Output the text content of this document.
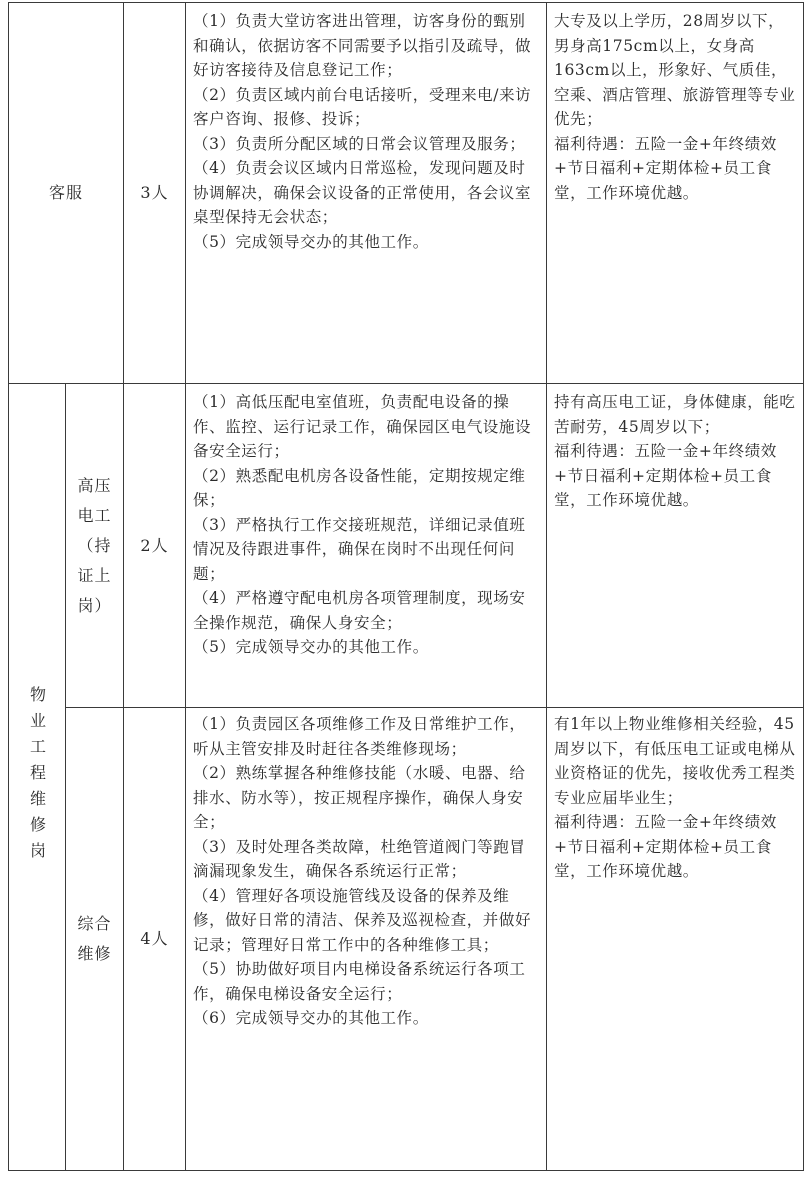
客服	3人

（1）负责大堂访客进出管理，访客身份的甄别和确认，依据访客不同需要予以指引及疏导，做好访客接待及信息登记工作；

（2）负责区域内前台电话接听，受理来电/来访客户咨询、报修、投诉；

（3）负责所分配区域的日常会议管理及服务；

（4）负责会议区域内日常巡检，发现问题及时协调解决，确保会议设备的正常使用，各会议室桌型保持无会状态；

（5）完成领导交办的其他工作。

大专及以上学历，28周岁以下，男身高175cm以上，女身高163cm以上，形象好、气质佳，空乘、酒店管理、旅游管理等专业优先；

福利待遇：五险一金+年终绩效+节日福利+定期体检+员工食堂，工作环境优越。

物业工程维修岗
高压电工（持证上岗）
2人

（1）高低压配电室值班，负责配电设备的操作、监控、运行记录工作，确保园区电气设施设备安全运行；

（2）熟悉配电机房各设备性能，定期按规定维保；

（3）严格执行工作交接班规范，详细记录值班情况及待跟进事件，确保在岗时不出现任何问题；

（4）严格遵守配电机房各项管理制度，现场安全操作规范，确保人身安全；

（5）完成领导交办的其他工作。

持有高压电工证，身体健康，能吃苦耐劳，45周岁以下；

福利待遇：五险一金+年终绩效+节日福利+定期体检+员工食堂，工作环境优越。

综合维修
4人

（1）负责园区各项维修工作及日常维护工作，听从主管安排及时赶往各类维修现场；

（2）熟练掌握各种维修技能（水暖、电器、给排水、防水等），按正规程序操作，确保人身安全；

（3）及时处理各类故障，杜绝管道阀门等跑冒滴漏现象发生，确保各系统运行正常；

（4）管理好各项设施管线及设备的保养及维修，做好日常的清洁、保养及巡视检查，并做好记录；管理好日常工作中的各种维修工具；

（5）协助做好项目内电梯设备系统运行各项工作，确保电梯设备安全运行；

（6）完成领导交办的其他工作。

有1年以上物业维修相关经验，45周岁以下，有低压电工证或电梯从业资格证的优先，接收优秀工程类专业应届毕业生；

福利待遇：五险一金+年终绩效+节日福利+定期体检+员工食堂，工作环境优越。
